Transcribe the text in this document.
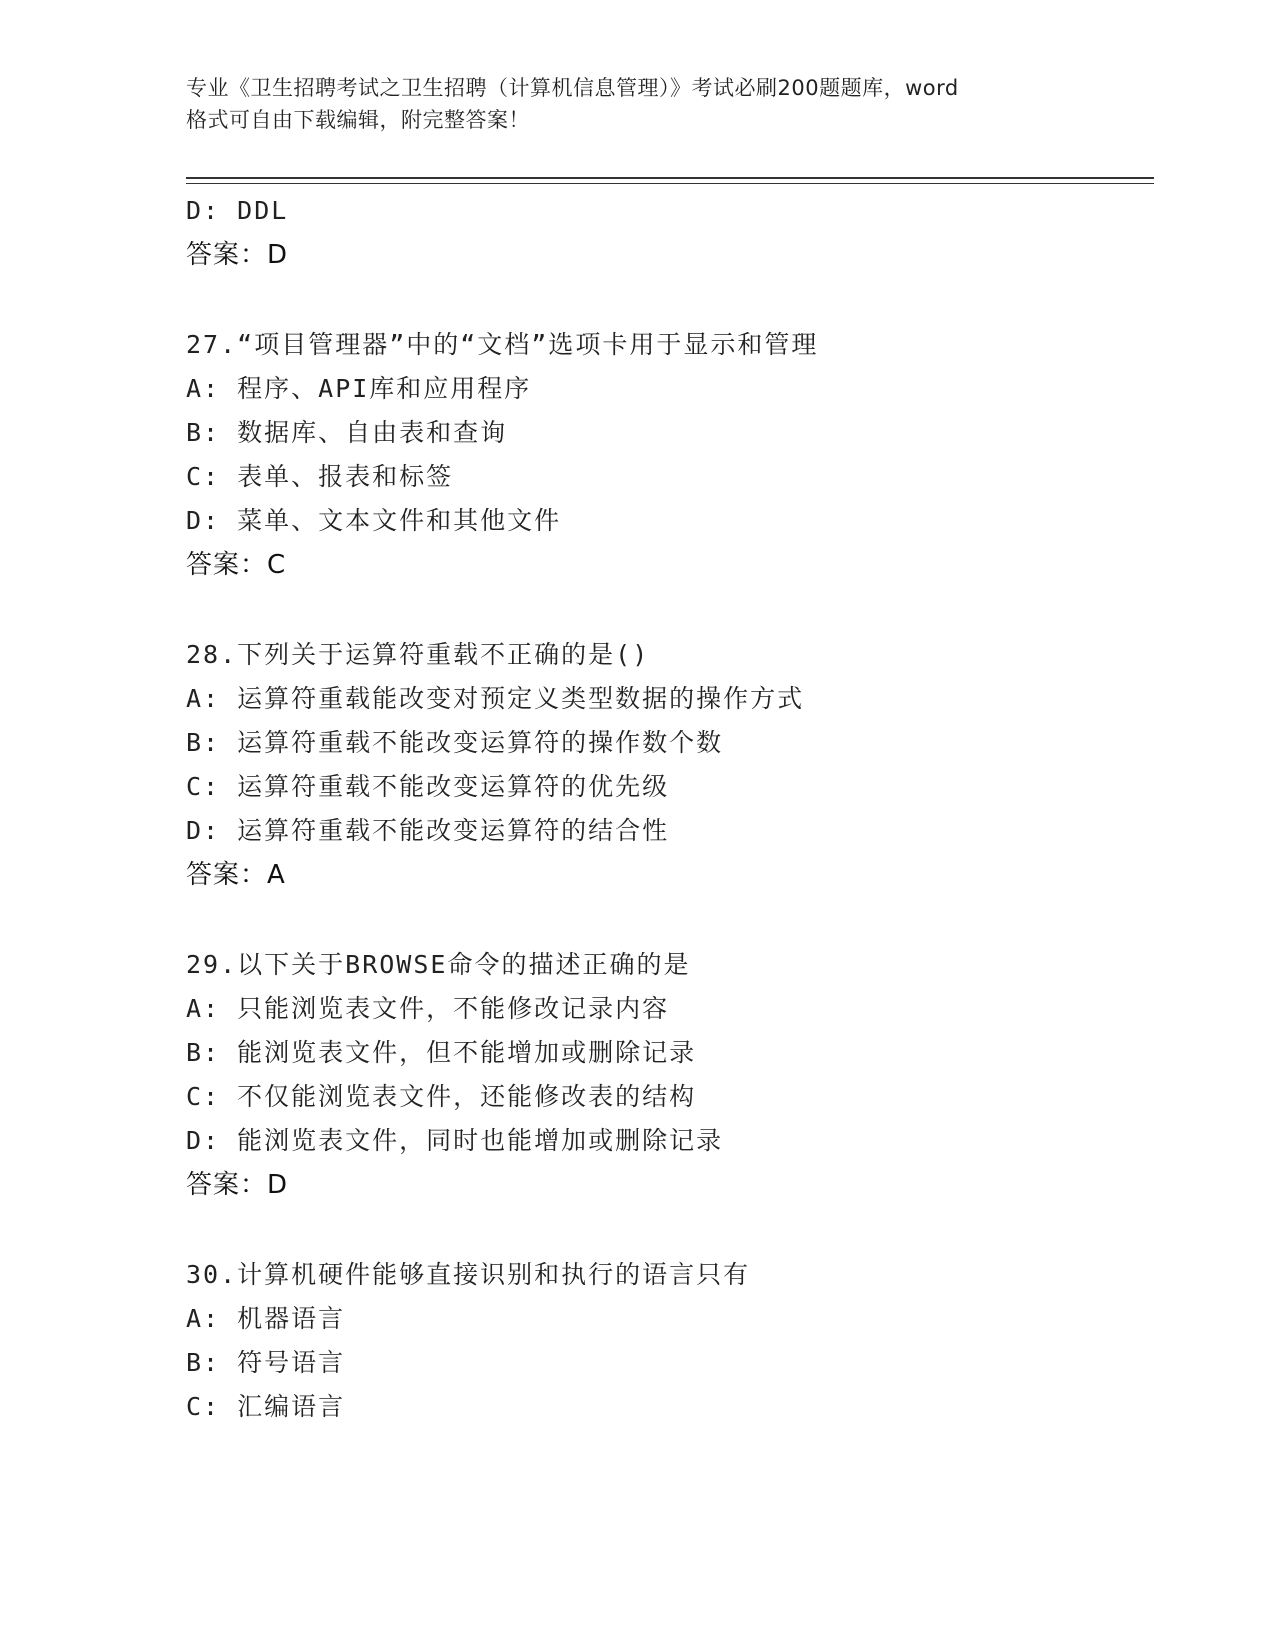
专业《卫生招聘考试之卫生招聘（计算机信息管理）》考试必刷200题题库，word
格式可自由下载编辑，附完整答案！
D: DDL
答案：D
27.“项目管理器”中的“文档”选项卡用于显示和管理
A: 程序、API库和应用程序
B: 数据库、自由表和查询
C: 表单、报表和标签
D: 菜单、文本文件和其他文件
答案：C
28.下列关于运算符重载不正确的是()
A: 运算符重载能改变对预定义类型数据的操作方式
B: 运算符重载不能改变运算符的操作数个数
C: 运算符重载不能改变运算符的优先级
D: 运算符重载不能改变运算符的结合性
答案：A
29.以下关于BROWSE命令的描述正确的是
A: 只能浏览表文件，不能修改记录内容
B: 能浏览表文件，但不能增加或删除记录
C: 不仅能浏览表文件，还能修改表的结构
D: 能浏览表文件，同时也能增加或删除记录
答案：D
30.计算机硬件能够直接识别和执行的语言只有
A: 机器语言
B: 符号语言
C: 汇编语言
